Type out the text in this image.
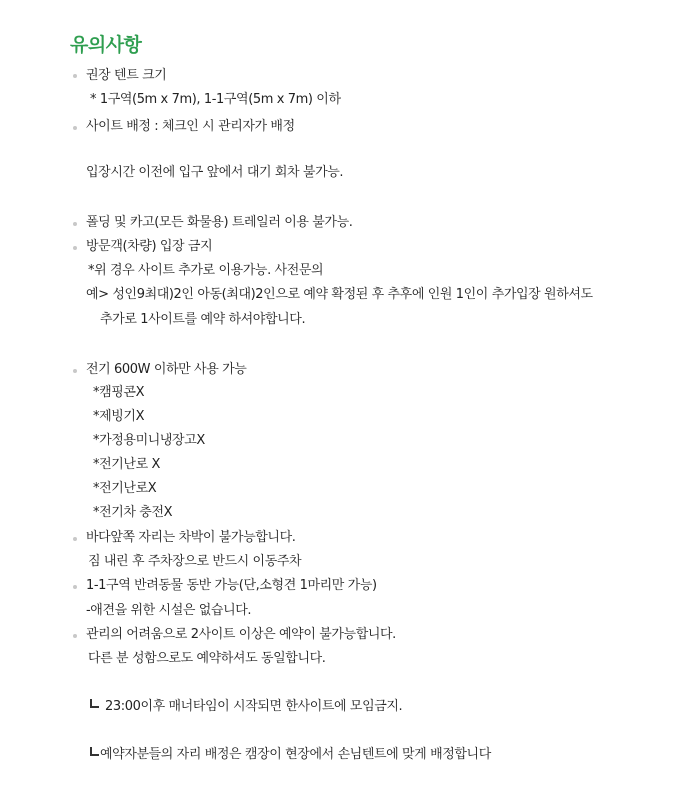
유의사항
권장 텐트 크기
* 1구역(5m x 7m), 1-1구역(5m x 7m) 이하
사이트 배정 : 체크인 시 관리자가 배정
입장시간 이전에 입구 앞에서 대기 회차 불가능.
폴딩 및 카고(모든 화물용) 트레일러 이용 불가능.
방문객(차량) 입장 금지
*위 경우 사이트 추가로 이용가능. 사전문의
예> 성인9최대)2인 아동(최대)2인으로 예약 확정된 후 추후에 인원 1인이 추가입장 원하셔도
추가로 1사이트를 예약 하셔야합니다.
전기 600W 이하만 사용 가능
*캠핑콘X
*제빙기X
*가정용미니냉장고X
*전기난로 X
*전기난로X
*전기차 충전X
바다앞쪽 자리는 차박이 불가능합니다.
짐 내린 후 주차장으로 반드시 이동주차
1-1구역 반려동물 동반 가능(단,소형견 1마리만 가능)
-애견을 위한 시설은 없습니다.
관리의 어려움으로 2사이트 이상은 예약이 불가능합니다.
다른 분 성함으로도 예약하셔도 동일합니다.
23:00이후 매너타임이 시작되면 한사이트에 모임금지.
예약자분들의 자리 배정은 캠장이 현장에서 손님텐트에 맞게 배정합니다
